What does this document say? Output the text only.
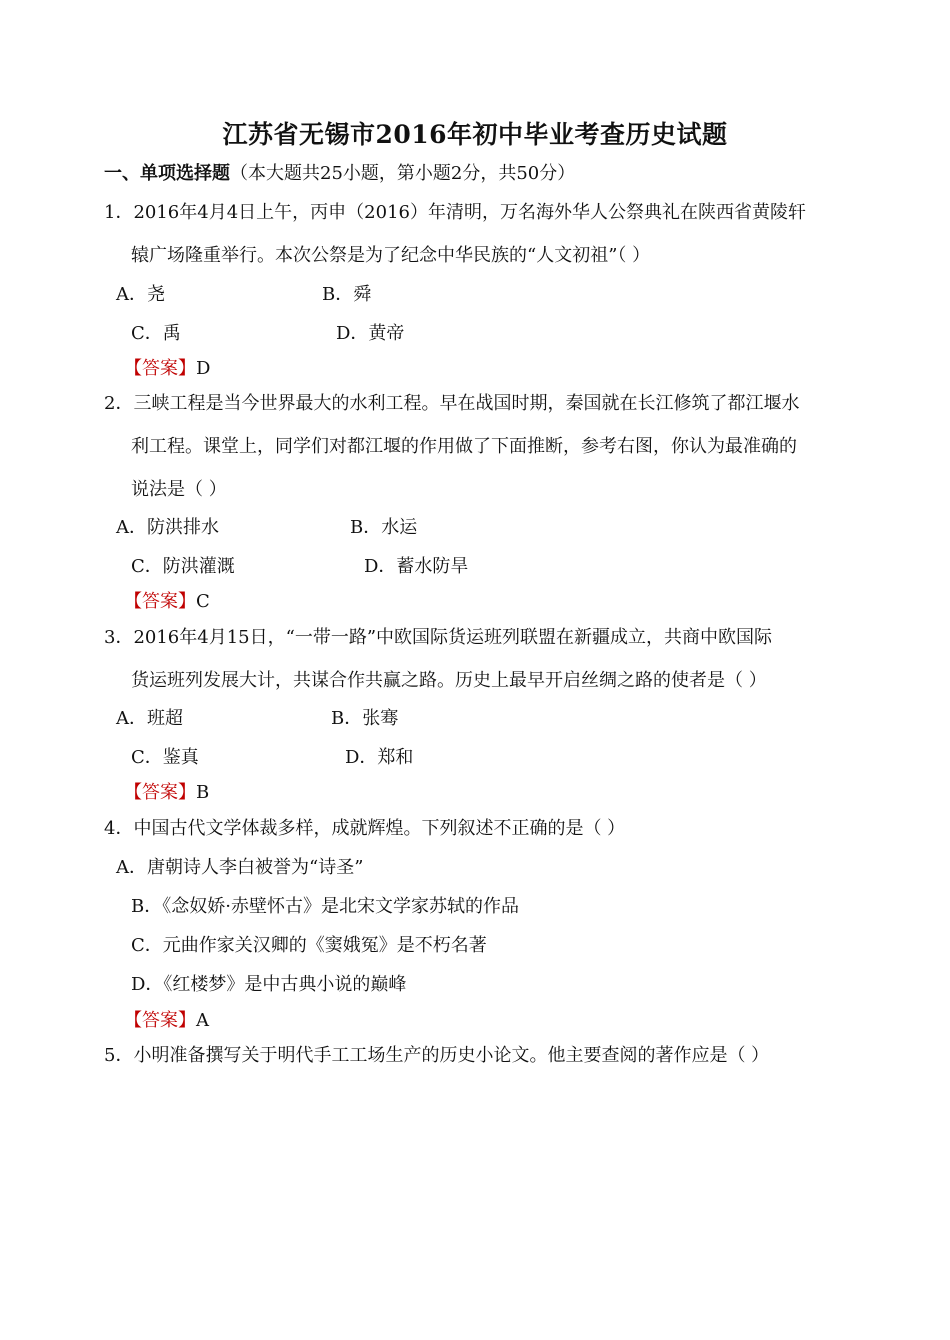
江苏省无锡市2016年初中毕业考查历史试题
一、单项选择题（本大题共25小题，第小题2分，共50分）
1．2016年4月4日上午，丙申（2016）年清明，万名海外华人公祭典礼在陕西省黄陵轩
辕广场隆重举行。本次公祭是为了纪念中华民族的“人文初祖”（ ）
A．尧	B．舜
C．禹	D．黄帝
【答案】D
2．三峡工程是当今世界最大的水利工程。早在战国时期，秦国就在长江修筑了都江堰水
利工程。课堂上，同学们对都江堰的作用做了下面推断，参考右图，你认为最准确的
说法是（ ）
A．防洪排水	B．水运
C．防洪灌溉	D．蓄水防旱
【答案】C
3．2016年4月15日，“一带一路”中欧国际货运班列联盟在新疆成立，共商中欧国际
货运班列发展大计，共谋合作共赢之路。历史上最早开启丝绸之路的使者是（ ）
A．班超	B．张骞
C．鉴真	D．郑和
【答案】B
4．中国古代文学体裁多样，成就辉煌。下列叙述不正确的是（ ）
A．唐朝诗人李白被誉为“诗圣”
B．《念奴娇·赤壁怀古》是北宋文学家苏轼的作品
C．元曲作家关汉卿的《窦娥冤》是不朽名著
D．《红楼梦》是中古典小说的巅峰
【答案】A
5．小明准备撰写关于明代手工工场生产的历史小论文。他主要查阅的著作应是（ ）
